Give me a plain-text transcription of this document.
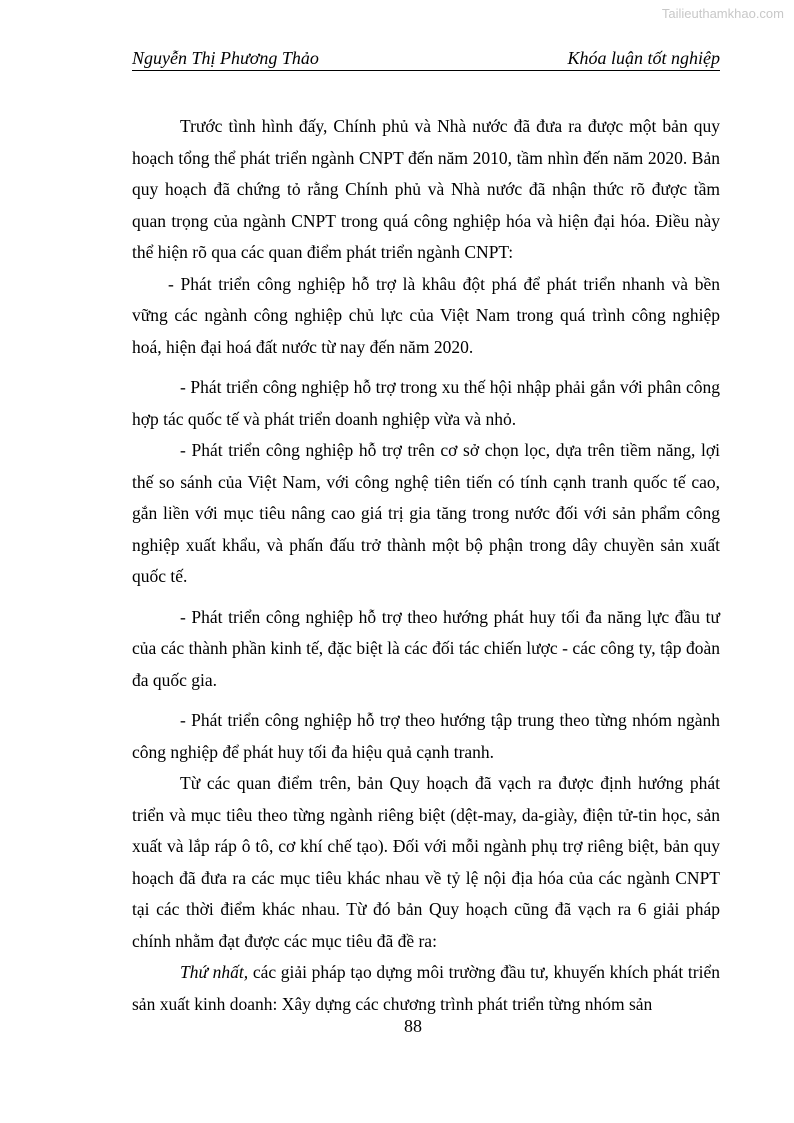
Tailieuthamkhao.com
Nguyễn Thị Phương Thảo	Khóa luận tốt nghiệp

Trước tình hình đấy, Chính phủ và Nhà nước đã đưa ra được một bản quy hoạch tổng thể phát triển ngành CNPT đến năm 2010, tầm nhìn đến năm 2020. Bản quy hoạch đã chứng tỏ rằng Chính phủ và Nhà nước đã nhận thức rõ được tầm quan trọng của ngành CNPT trong quá công nghiệp hóa và hiện đại hóa. Điều này thể hiện rõ qua các quan điểm phát triển ngành CNPT:

- Phát triển công nghiệp hỗ trợ là khâu đột phá để phát triển nhanh và bền vững các ngành công nghiệp chủ lực của Việt Nam trong quá trình công nghiệp hoá, hiện đại hoá đất nước từ nay đến năm 2020.

- Phát triển công nghiệp hỗ trợ trong xu thế hội nhập phải gắn với phân công hợp tác quốc tế và phát triển doanh nghiệp vừa và nhỏ.

- Phát triển công nghiệp hỗ trợ trên cơ sở chọn lọc, dựa trên tiềm năng, lợi thế so sánh của Việt Nam, với công nghệ tiên tiến có tính cạnh tranh quốc tế cao, gắn liền với mục tiêu nâng cao giá trị gia tăng trong nước đối với sản phẩm công nghiệp xuất khẩu, và phấn đấu trở thành một bộ phận trong dây chuyền sản xuất quốc tế.

- Phát triển công nghiệp hỗ trợ theo hướng phát huy tối đa năng lực đầu tư của các thành phần kinh tế, đặc biệt là các đối tác chiến lược - các công ty, tập đoàn đa quốc gia.

- Phát triển công nghiệp hỗ trợ theo hướng tập trung theo từng nhóm ngành công nghiệp để phát huy tối đa hiệu quả cạnh tranh.

Từ các quan điểm trên, bản Quy hoạch đã vạch ra được định hướng phát triển và mục tiêu theo từng ngành riêng biệt (dệt-may, da-giày, điện tử-tin học, sản xuất và lắp ráp ô tô, cơ khí chế tạo). Đối với mỗi ngành phụ trợ riêng biệt, bản quy hoạch đã đưa ra các mục tiêu khác nhau về tỷ lệ nội địa hóa của các ngành CNPT tại các thời điểm khác nhau. Từ đó bản Quy hoạch cũng đã vạch ra 6 giải pháp chính nhằm đạt được các mục tiêu đã đề ra:

Thứ nhất, các giải pháp tạo dựng môi trường đầu tư, khuyến khích phát triển sản xuất kinh doanh: Xây dựng các chương trình phát triển từng nhóm sản

88
